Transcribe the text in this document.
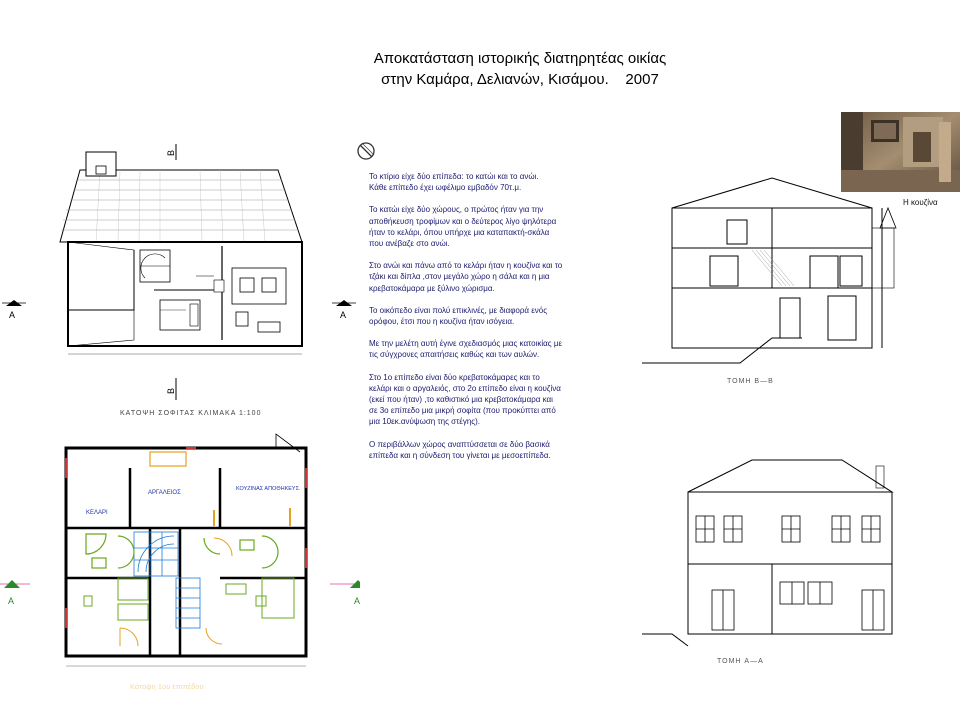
Αποκατάσταση ιστορικής διατηρητέας οικίας
στην Καμάρα, Δελιανών, Κισάμου.    2007

Το κτίριο είχε δύο επίπεδα: το κατώι και το ανώι.
Κάθε επίπεδο έχει ωφέλιμο εμβαδόν 70τ.μ.

Το κατώι είχε δύο χώρους, ο πρώτος ήταν για την
αποθήκευση τροφίμων και ο δεύτερος λίγο ψηλότερα
ήταν το κελάρι, όπου υπήρχε μια καταπακτή-σκάλα
που ανέβαζε στο ανώι.

Στο ανώι και πάνω από το κελάρι ήταν η κουζίνα και το
τζάκι και δίπλα ,στον μεγάλο χώρο η σάλα και η μια
κρεβατοκάμαρα με ξύλινο χώρισμα.

Το οικόπεδο είναι πολύ επικλινές, με διαφορά ενός
ορόφου, έτσι που η κουζίνα ήταν ισόγεια.

Με την μελέτη αυτή έγινε σχεδιασμός μιας κατοικίας με
τις σύγχρονες απαιτήσεις καθώς και των αυλών.

Στο 1ο επίπεδο είναι δύο κρεβατοκάμαρες και το
κελάρι και ο αργαλειός, στο 2ο επίπεδο είναι η κουζίνα
(εκεί που ήταν) ,το καθιστικό μια κρεβατοκάμαρα και
σε 3ο επίπεδο μια μικρή σοφίτα (που προκύπτει από
μια 10εκ.ανύψωση της στέγης).

Ο περιβάλλων χώρος αναπτύσσεται σε δύο βασικά
επίπεδα και η σύνδεση του γίνεται με μεσοεπίπεδα.

Η κουζίνα
B
A	A
B
ΚΑΤΟΨΗ ΣΟΦΙΤΑΣ ΚΛΙΜΑΚΑ 1:100
ΚΕΛΑΡΙ
ΑΡΓΑΛΕΙΟΣ
ΚΟΥΖΙΝΑΣ ΑΠΟΘΗΚΕΥΣ.
A	A
Κάτοψη 1ου επιπέδου
ΤΟΜΗ B—B
ΤΟΜΗ A—A
